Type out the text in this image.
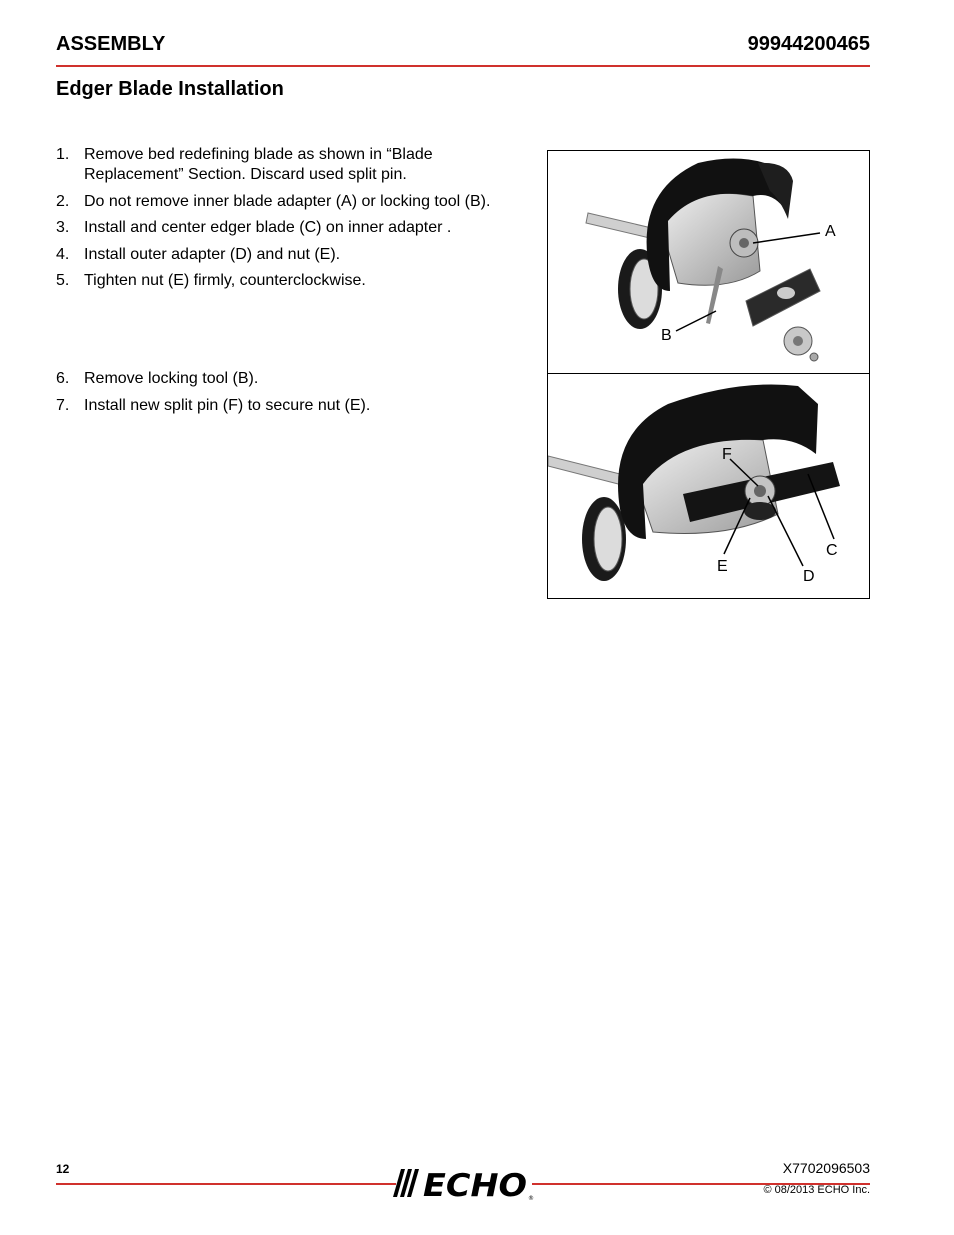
ASSEMBLY	99944200465
Edger Blade Installation
1. Remove bed redefining blade as shown in “Blade Replacement” Section. Discard used split pin.
2. Do not remove inner blade adapter (A) or locking tool (B).
3. Install and center edger blade (C) on inner adapter .
4. Install outer adapter (D) and nut (E).
5. Tighten nut (E) firmly, counterclockwise.
6. Remove locking tool (B).
7. Install new split pin (F) to secure nut (E).
A
B
F
C
E
D
12	ECHO ®
X7702096503
© 08/2013 ECHO Inc.
